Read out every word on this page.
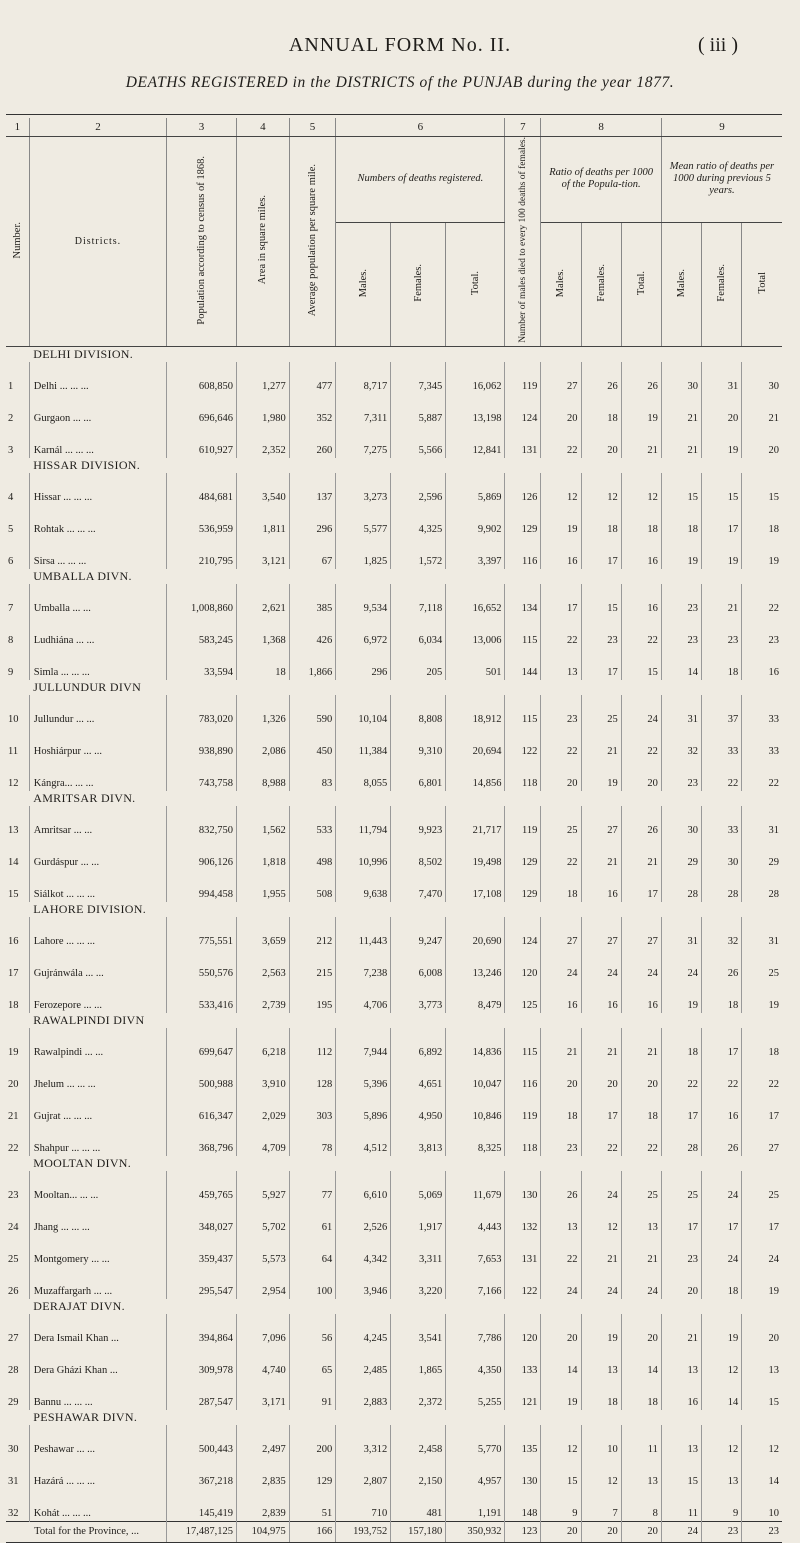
ANNUAL FORM No. II.	( iii )
DEATHS REGISTERED in the DISTRICTS of the PUNJAB during the year 1877.
1	2	3	4	5	6			7	8			9		
Number.	Districts.	Population according to census of 1868.	Area in square miles.	Average population per square mile.	Numbers of deaths registered.			Number of males died to every 100 deaths of females.	Ratio of deaths per 1000 of the Popula-tion.			Mean ratio of deaths per 1000 during previous 5 years.		
					Males.	Females.	Total.		Males.	Females.	Total.	Males.	Females.	Total
	DELHI DIVISION.													
1	Delhi ... ... ...	608,850	1,277	477	8,717	7,345	16,062	119	27	26	26	30	31	30
2	Gurgaon ... ...	696,646	1,980	352	7,311	5,887	13,198	124	20	18	19	21	20	21
3	Karnál ... ... ...	610,927	2,352	260	7,275	5,566	12,841	131	22	20	21	21	19	20
	HISSAR DIVISION.													
4	Hissar ... ... ...	484,681	3,540	137	3,273	2,596	5,869	126	12	12	12	15	15	15
5	Rohtak ... ... ...	536,959	1,811	296	5,577	4,325	9,902	129	19	18	18	18	17	18
6	Sirsa ... ... ...	210,795	3,121	67	1,825	1,572	3,397	116	16	17	16	19	19	19
	UMBALLA DIVN.													
7	Umballa ... ...	1,008,860	2,621	385	9,534	7,118	16,652	134	17	15	16	23	21	22
8	Ludhiána ... ...	583,245	1,368	426	6,972	6,034	13,006	115	22	23	22	23	23	23
9	Simla ... ... ...	33,594	18	1,866	296	205	501	144	13	17	15	14	18	16
	JULLUNDUR DIVN													
10	Jullundur ... ...	783,020	1,326	590	10,104	8,808	18,912	115	23	25	24	31	37	33
11	Hoshiárpur ... ...	938,890	2,086	450	11,384	9,310	20,694	122	22	21	22	32	33	33
12	Kángra... ... ...	743,758	8,988	83	8,055	6,801	14,856	118	20	19	20	23	22	22
	AMRITSAR DIVN.													
13	Amritsar ... ...	832,750	1,562	533	11,794	9,923	21,717	119	25	27	26	30	33	31
14	Gurdáspur ... ...	906,126	1,818	498	10,996	8,502	19,498	129	22	21	21	29	30	29
15	Siálkot ... ... ...	994,458	1,955	508	9,638	7,470	17,108	129	18	16	17	28	28	28
	LAHORE DIVISION.													
16	Lahore ... ... ...	775,551	3,659	212	11,443	9,247	20,690	124	27	27	27	31	32	31
17	Gujránwála ... ...	550,576	2,563	215	7,238	6,008	13,246	120	24	24	24	24	26	25
18	Ferozepore ... ...	533,416	2,739	195	4,706	3,773	8,479	125	16	16	16	19	18	19
	RAWALPINDI DIVN													
19	Rawalpindi ... ...	699,647	6,218	112	7,944	6,892	14,836	115	21	21	21	18	17	18
20	Jhelum ... ... ...	500,988	3,910	128	5,396	4,651	10,047	116	20	20	20	22	22	22
21	Gujrat ... ... ...	616,347	2,029	303	5,896	4,950	10,846	119	18	17	18	17	16	17
22	Shahpur ... ... ...	368,796	4,709	78	4,512	3,813	8,325	118	23	22	22	28	26	27
	MOOLTAN DIVN.													
23	Mooltan... ... ...	459,765	5,927	77	6,610	5,069	11,679	130	26	24	25	25	24	25
24	Jhang ... ... ...	348,027	5,702	61	2,526	1,917	4,443	132	13	12	13	17	17	17
25	Montgomery ... ...	359,437	5,573	64	4,342	3,311	7,653	131	22	21	21	23	24	24
26	Muzaffargarh ... ...	295,547	2,954	100	3,946	3,220	7,166	122	24	24	24	20	18	19
	DERAJAT DIVN.													
27	Dera Ismail Khan ...	394,864	7,096	56	4,245	3,541	7,786	120	20	19	20	21	19	20
28	Dera Gházi Khan ...	309,978	4,740	65	2,485	1,865	4,350	133	14	13	14	13	12	13
29	Bannu ... ... ...	287,547	3,171	91	2,883	2,372	5,255	121	19	18	18	16	14	15
	PESHAWAR DIVN.													
30	Peshawar ... ...	500,443	2,497	200	3,312	2,458	5,770	135	12	10	11	13	12	12
31	Hazárá ... ... ...	367,218	2,835	129	2,807	2,150	4,957	130	15	12	13	15	13	14
32	Kohát ... ... ...	145,419	2,839	51	710	481	1,191	148	9	7	8	11	9	10
Total for the Province, ...		17,487,125	104,975	166	193,752	157,180	350,932	123	20	20	20	24	23	23
